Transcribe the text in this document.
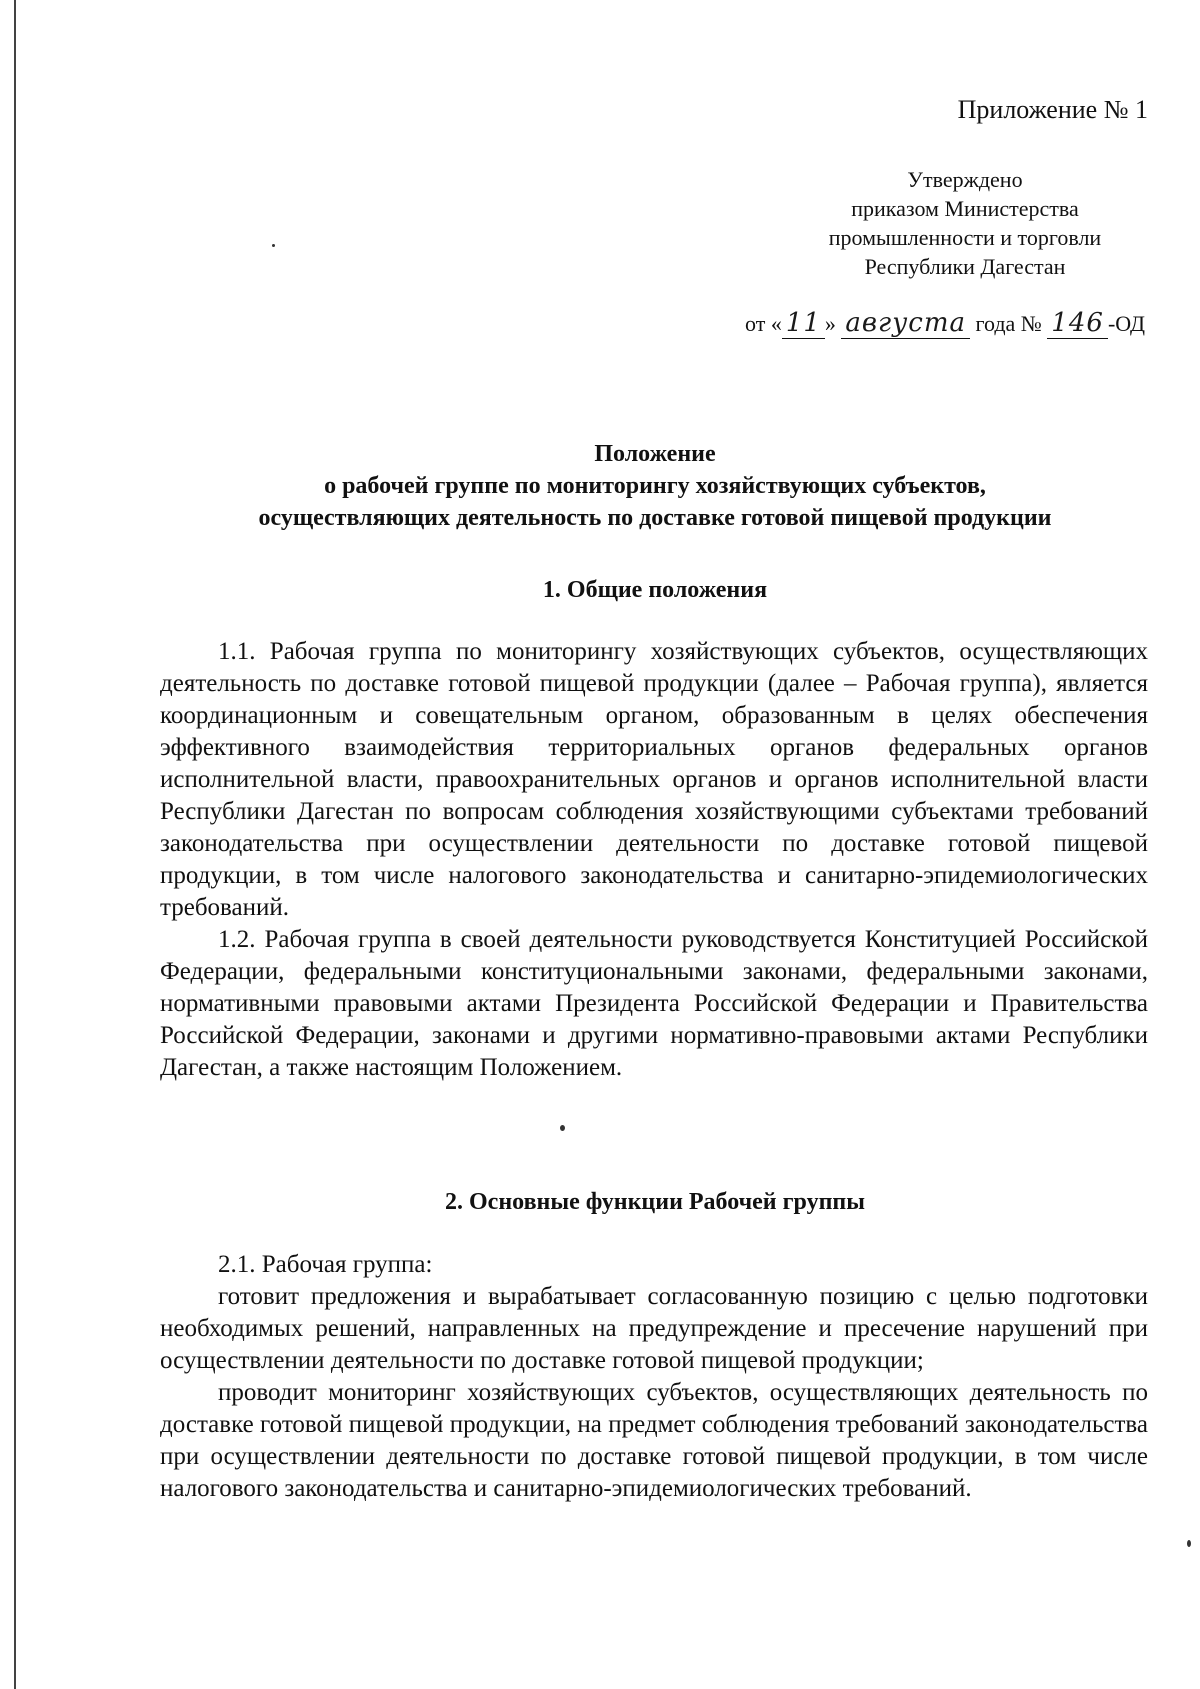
Приложение № 1
Утверждено
приказом Министерства
промышленности и торговли
Республики Дагестан
от « 11 » августа года № 146 -ОД
Положение
о рабочей группе по мониторингу хозяйствующих субъектов,
осуществляющих деятельность по доставке готовой пищевой продукции
1. Общие положения

1.1. Рабочая группа по мониторингу хозяйствующих субъектов, осуществляющих деятельность по доставке готовой пищевой продукции (далее – Рабочая группа), является координационным и совещательным органом, образованным в целях обеспечения эффективного взаимодействия территориальных органов федеральных органов исполнительной власти, правоохранительных органов и органов исполнительной власти Республики Дагестан по вопросам соблюдения хозяйствующими субъектами требований законодательства при осуществлении деятельности по доставке готовой пищевой продукции, в том числе налогового законодательства и санитарно-эпидемиологических требований.

1.2. Рабочая группа в своей деятельности руководствуется Конституцией Российской Федерации, федеральными конституциональными законами, федеральными законами, нормативными правовыми актами Президента Российской Федерации и Правительства Российской Федерации, законами и другими нормативно-правовыми актами Республики Дагестан, а также настоящим Положением.

2. Основные функции Рабочей группы

2.1. Рабочая группа:

готовит предложения и вырабатывает согласованную позицию с целью подготовки необходимых решений, направленных на предупреждение и пресечение нарушений при осуществлении деятельности по доставке готовой пищевой продукции;

проводит мониторинг хозяйствующих субъектов, осуществляющих деятельность по доставке готовой пищевой продукции, на предмет соблюдения требований законодательства при осуществлении деятельности по доставке готовой пищевой продукции, в том числе налогового законодательства и санитарно-эпидемиологических требований.
